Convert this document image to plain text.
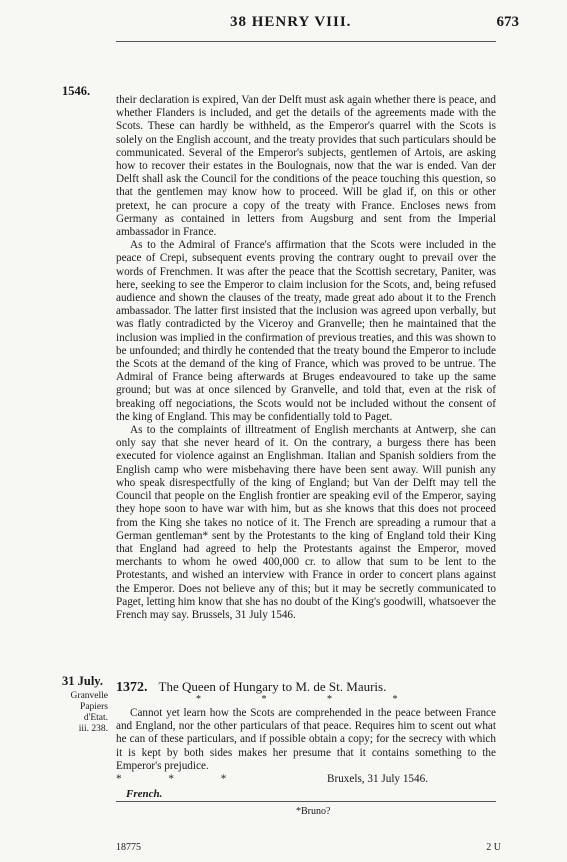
38 HENRY VIII.	673
1546.

their declaration is expired, Van der Delft must ask again whether there is peace, and whether Flanders is included, and get the details of the agreements made with the Scots. These can hardly be withheld, as the Emperor's quarrel with the Scots is solely on the English account, and the treaty provides that such particulars should be communicated. Several of the Emperor's subjects, gentlemen of Artois, are asking how to recover their estates in the Boulognais, now that the war is ended. Van der Delft shall ask the Council for the conditions of the peace touching this question, so that the gentlemen may know how to proceed. Will be glad if, on this or other pretext, he can procure a copy of the treaty with France. Encloses news from Germany as contained in letters from Augsburg and sent from the Imperial ambassador in France.

As to the Admiral of France's affirmation that the Scots were included in the peace of Crepi, subsequent events proving the contrary ought to prevail over the words of Frenchmen. It was after the peace that the Scottish secretary, Paniter, was here, seeking to see the Emperor to claim inclusion for the Scots, and, being refused audience and shown the clauses of the treaty, made great ado about it to the French ambassador. The latter first insisted that the inclusion was agreed upon verbally, but was flatly contradicted by the Viceroy and Granvelle; then he maintained that the inclusion was implied in the confirmation of previous treaties, and this was shown to be unfounded; and thirdly he contended that the treaty bound the Emperor to include the Scots at the demand of the king of France, which was proved to be untrue. The Admiral of France being afterwards at Bruges endeavoured to take up the same ground; but was at once silenced by Granvelle, and told that, even at the risk of breaking off negociations, the Scots would not be included without the consent of the king of England. This may be confidentially told to Paget.

As to the complaints of illtreatment of English merchants at Antwerp, she can only say that she never heard of it. On the contrary, a burgess there has been executed for violence against an Englishman. Italian and Spanish soldiers from the English camp who were misbehaving there have been sent away. Will punish any who speak disrespectfully of the king of England; but Van der Delft may tell the Council that people on the English frontier are speaking evil of the Emperor, saying they hope soon to have war with him, but as she knows that this does not proceed from the King she takes no notice of it. The French are spreading a rumour that a German gentleman* sent by the Protestants to the king of England told their King that England had agreed to help the Protestants against the Emperor, moved merchants to whom he owed 400,000 cr. to allow that sum to be lent to the Protestants, and wished an interview with France in order to concert plans against the Emperor. Does not believe any of this; but it may be secretly communicated to Paget, letting him know that she has no doubt of the King's goodwill, whatsoever the French may say. Brussels, 31 July 1546.

31 July.
Granvelle
Papiers
d'Etat.
iii. 238.
1372. The Queen of Hungary to M. de St. Mauris.
* * * *

Cannot yet learn how the Scots are comprehended in the peace between France and England, nor the other particulars of that peace. Requires him to scent out what he can of these particulars, and if possible obtain a copy; for the secrecy with which it is kept by both sides makes her presume that it contains something to the Emperor's prejudice.

* * *	Bruxels, 31 July 1546.
French.
*Bruno?
18775	2 U
